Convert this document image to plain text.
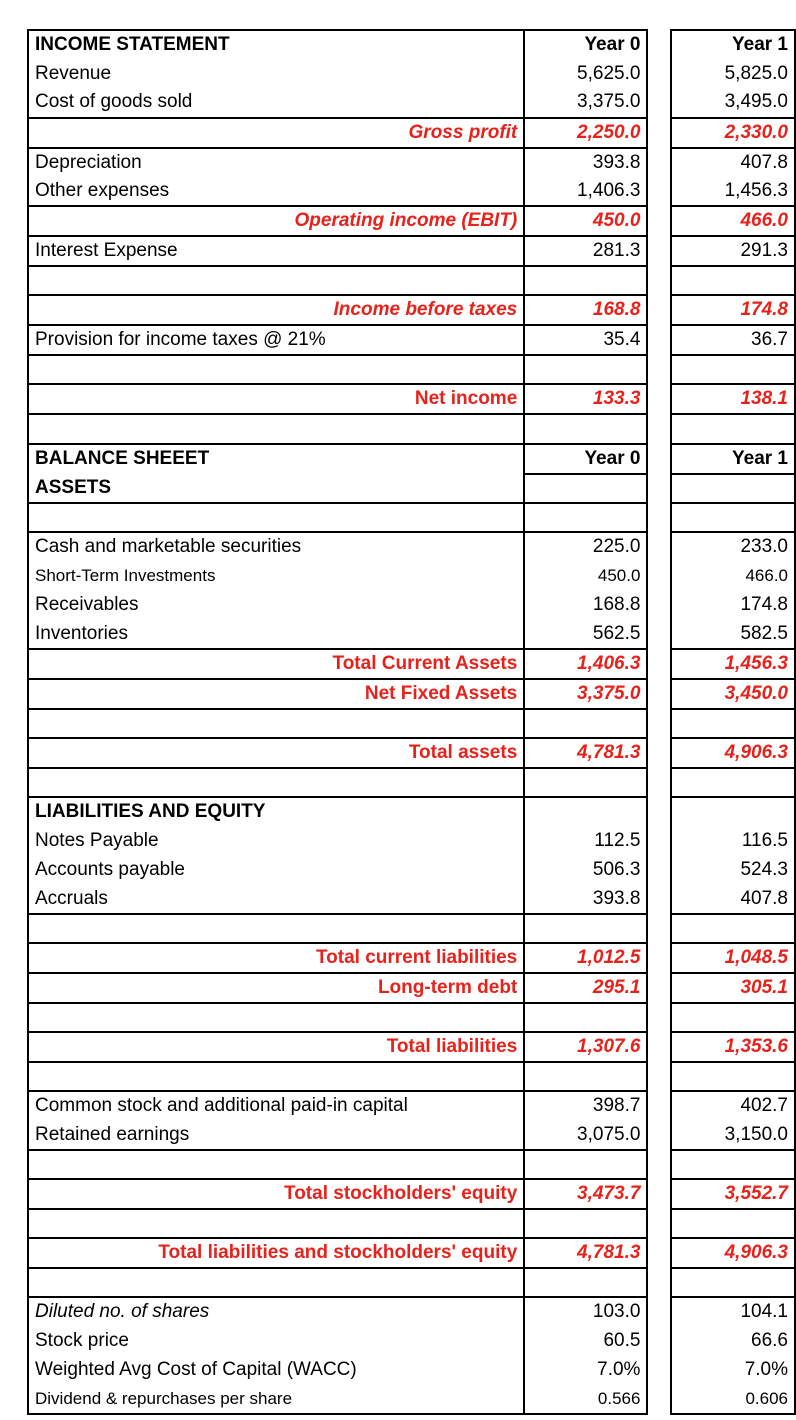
INCOME STATEMENT	Year 0		Year 1
Revenue	5,625.0		5,825.0
Cost of goods sold	3,375.0		3,495.0
Gross profit	2,250.0		2,330.0
Depreciation	393.8		407.8
Other expenses	1,406.3		1,456.3
Operating income (EBIT)	450.0		466.0
Interest Expense	281.3		291.3

Income before taxes	168.8		174.8
Provision for income taxes @ 21%	35.4		36.7

Net income	133.3		138.1

BALANCE SHEEET	Year 0		Year 1
ASSETS			

Cash and marketable securities	225.0		233.0
Short-Term Investments	450.0		466.0
Receivables	168.8		174.8
Inventories	562.5		582.5
Total Current Assets	1,406.3		1,456.3
Net Fixed Assets	3,375.0		3,450.0

Total assets	4,781.3		4,906.3

LIABILITIES AND EQUITY			
Notes Payable	112.5		116.5
Accounts payable	506.3		524.3
Accruals	393.8		407.8

Total current liabilities	1,012.5		1,048.5
Long-term debt	295.1		305.1

Total liabilities	1,307.6		1,353.6

Common stock and additional paid-in capital	398.7		402.7
Retained earnings	3,075.0		3,150.0

Total stockholders' equity	3,473.7		3,552.7

Total liabilities and stockholders' equity	4,781.3		4,906.3

Diluted no. of shares	103.0		104.1
Stock price	60.5		66.6
Weighted Avg Cost of Capital (WACC)	7.0%		7.0%
Dividend & repurchases per share	0.566		0.606
